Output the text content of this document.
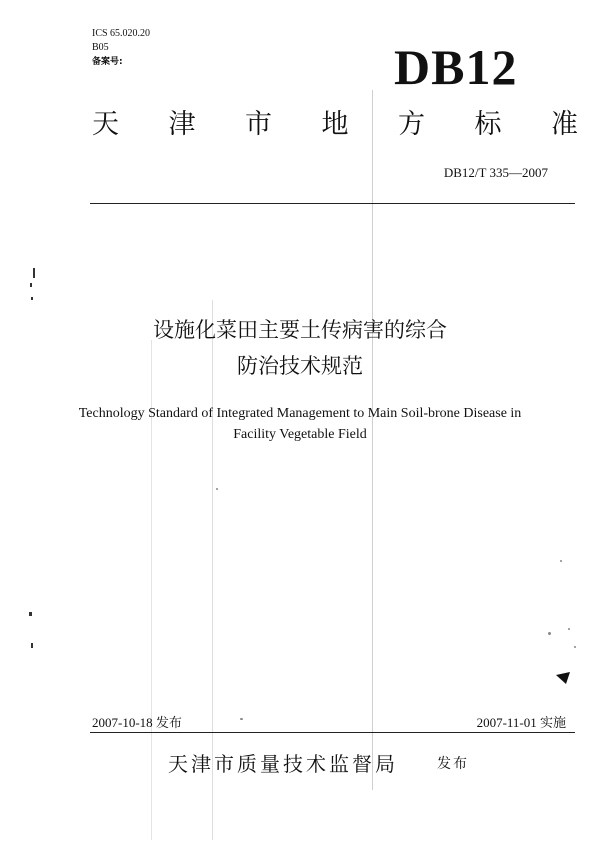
ICS 65.020.20
B05
备案号:	DB12
天 津 市 地 方 标 准
DB12/T 335—2007
设施化菜田主要土传病害的综合
防治技术规范
Technology Standard of Integrated Management to Main Soil-brone Disease in
Facility Vegetable Field
2007-10-18 发布	2007-11-01 实施
天津市质量技术监督局	发布
